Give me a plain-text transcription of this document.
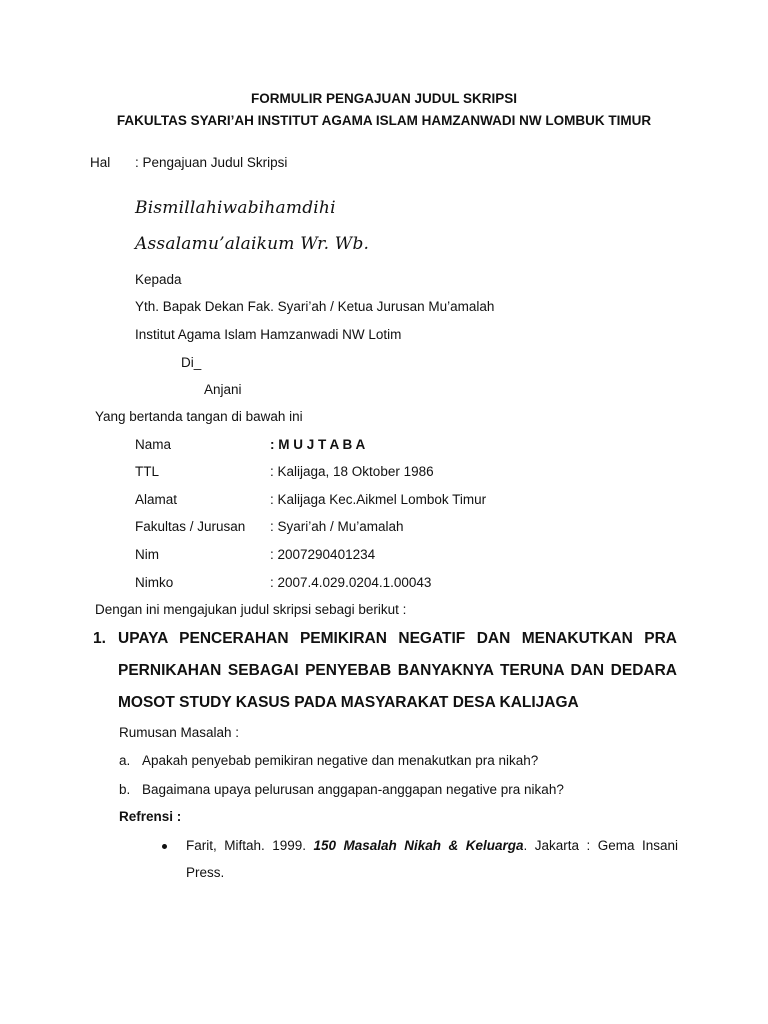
FORMULIR PENGAJUAN JUDUL SKRIPSI
FAKULTAS SYARI’AH INSTITUT AGAMA ISLAM HAMZANWADI NW LOMBUK TIMUR
Hal : Pengajuan Judul Skripsi
Bismillahiwabihamdihi
Assalamu’alaikum Wr. Wb.
Kepada
Yth. Bapak Dekan Fak. Syari’ah / Ketua Jurusan Mu’amalah
Institut Agama Islam Hamzanwadi NW Lotim
Di_
Anjani
Yang bertanda tangan di bawah ini
Nama	: M U J T A B A
TTL	: Kalijaga, 18 Oktober 1986
Alamat	: Kalijaga Kec.Aikmel Lombok Timur
Fakultas / Jurusan : Syari’ah / Mu’amalah
Nim	: 2007290401234
Nimko	: 2007.4.029.0204.1.00043
Dengan ini mengajukan judul skripsi sebagi berikut :
1. UPAYA PENCERAHAN PEMIKIRAN NEGATIF DAN MENAKUTKAN PRA
PERNIKAHAN SEBAGAI PENYEBAB BANYAKNYA TERUNA DAN DEDARA
MOSOT STUDY KASUS PADA MASYARAKAT DESA KALIJAGA
Rumusan Masalah :
a. Apakah penyebab pemikiran negative dan menakutkan pra nikah?
b. Bagaimana upaya pelurusan anggapan-anggapan negative pra nikah?
Refrensi :
Farit, Miftah. 1999. 150 Masalah Nikah & Keluarga. Jakarta : Gema Insani
Press.
